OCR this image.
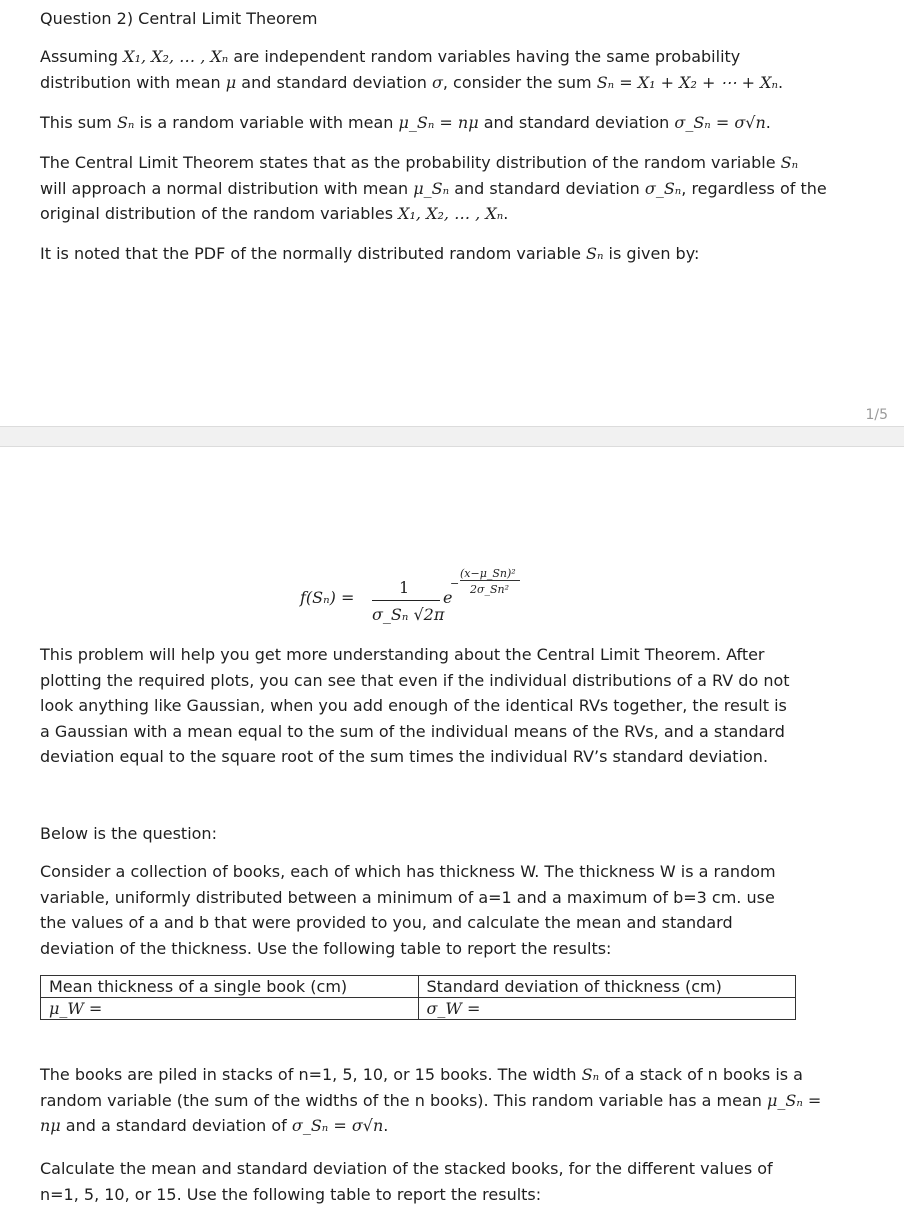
Question 2) Central Limit Theorem

Assuming X₁, X₂, … , Xₙ are independent random variables having the same probability
distribution with mean μ and standard deviation σ, consider the sum Sₙ = X₁ + X₂ + ⋯ + Xₙ.

This sum Sₙ is a random variable with mean μ_Sₙ = nμ and standard deviation σ_Sₙ = σ√n.

The Central Limit Theorem states that as the probability distribution of the random variable Sₙ
will approach a normal distribution with mean μ_Sₙ and standard deviation σ_Sₙ, regardless of the
original distribution of the random variables X₁, X₂, … , Xₙ.

It is noted that the PDF of the normally distributed random variable Sₙ is given by:

1/5
f(Sₙ) =
1
σ_Sₙ √2π
e
−
(x−μ_Sn)²
2σ_Sn²

This problem will help you get more understanding about the Central Limit Theorem. After plotting the required plots, you can see that even if the individual distributions of a RV do not look anything like Gaussian, when you add enough of the identical RVs together, the result is a Gaussian with a mean equal to the sum of the individual means of the RVs, and a standard deviation equal to the square root of the sum times the individual RV’s standard deviation.

Below is the question:

Consider a collection of books, each of which has thickness W. The thickness W is a random variable, uniformly distributed between a minimum of a=1 and a maximum of b=3 cm. use the values of a and b that were provided to you, and calculate the mean and standard deviation of the thickness. Use the following table to report the results:

Mean thickness of a single book (cm)	Standard deviation of thickness (cm)
μ_W =	σ_W =

The books are piled in stacks of n=1, 5, 10, or 15 books. The width Sₙ of a stack of n books is a
random variable (the sum of the widths of the n books). This random variable has a mean μ_Sₙ =
nμ and a standard deviation of σ_Sₙ = σ√n.

Calculate the mean and standard deviation of the stacked books, for the different values of n=1, 5, 10, or 15. Use the following table to report the results:
